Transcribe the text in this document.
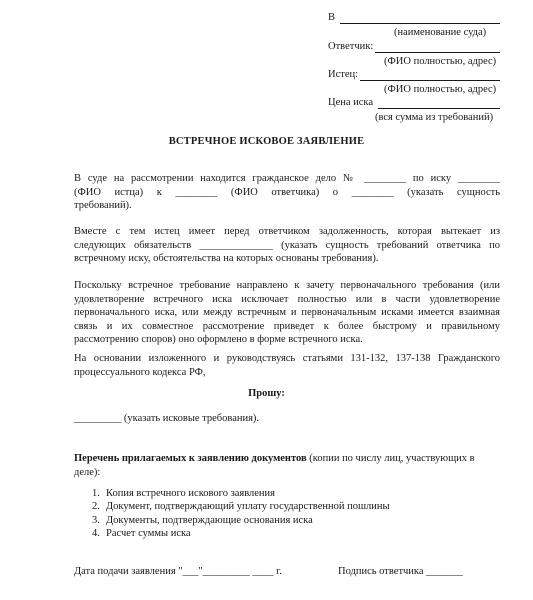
В
(наименование суда)
Ответчик:
(ФИО полностью, адрес)
Истец:
(ФИО полностью, адрес)
Цена иска
(вся сумма из требований)
ВСТРЕЧНОЕ ИСКОВОЕ ЗАЯВЛЕНИЕ
В суде на рассмотрении находится гражданское дело № ________ по иску ________
(ФИО истца) к ________ (ФИО ответчика) о ________ (указать сущность
требований).
Вместе с тем истец имеет перед ответчиком задолженность, которая вытекает из
следующих обязательств ______________ (указать сущность требований ответчика по
встречному иску, обстоятельства на которых основаны требования).
Поскольку встречное требование направлено к зачету первоначального требования (или
удовлетворение встречного иска исключает полностью или в части удовлетворение
первоначального иска, или между встречным и первоначальным исками имеется взаимная
связь и их совместное рассмотрение приведет к более быстрому и правильному
рассмотрению споров) оно оформлено в форме встречного иска.
На основании изложенного и руководствуясь статьями 131-132, 137-138 Гражданского
процессуального кодекса РФ,
Прошу:
_________ (указать исковые требования).
Перечень прилагаемых к заявлению документов (копии по числу лиц, участвующих в
деле):
1. Копия встречного искового заявления
2. Документ, подтверждающий уплату государственной пошлины
3. Документы, подтверждающие основания иска
4. Расчет суммы иска
Дата подачи заявления "___"_________ ____ г.	Подпись ответчика _______
